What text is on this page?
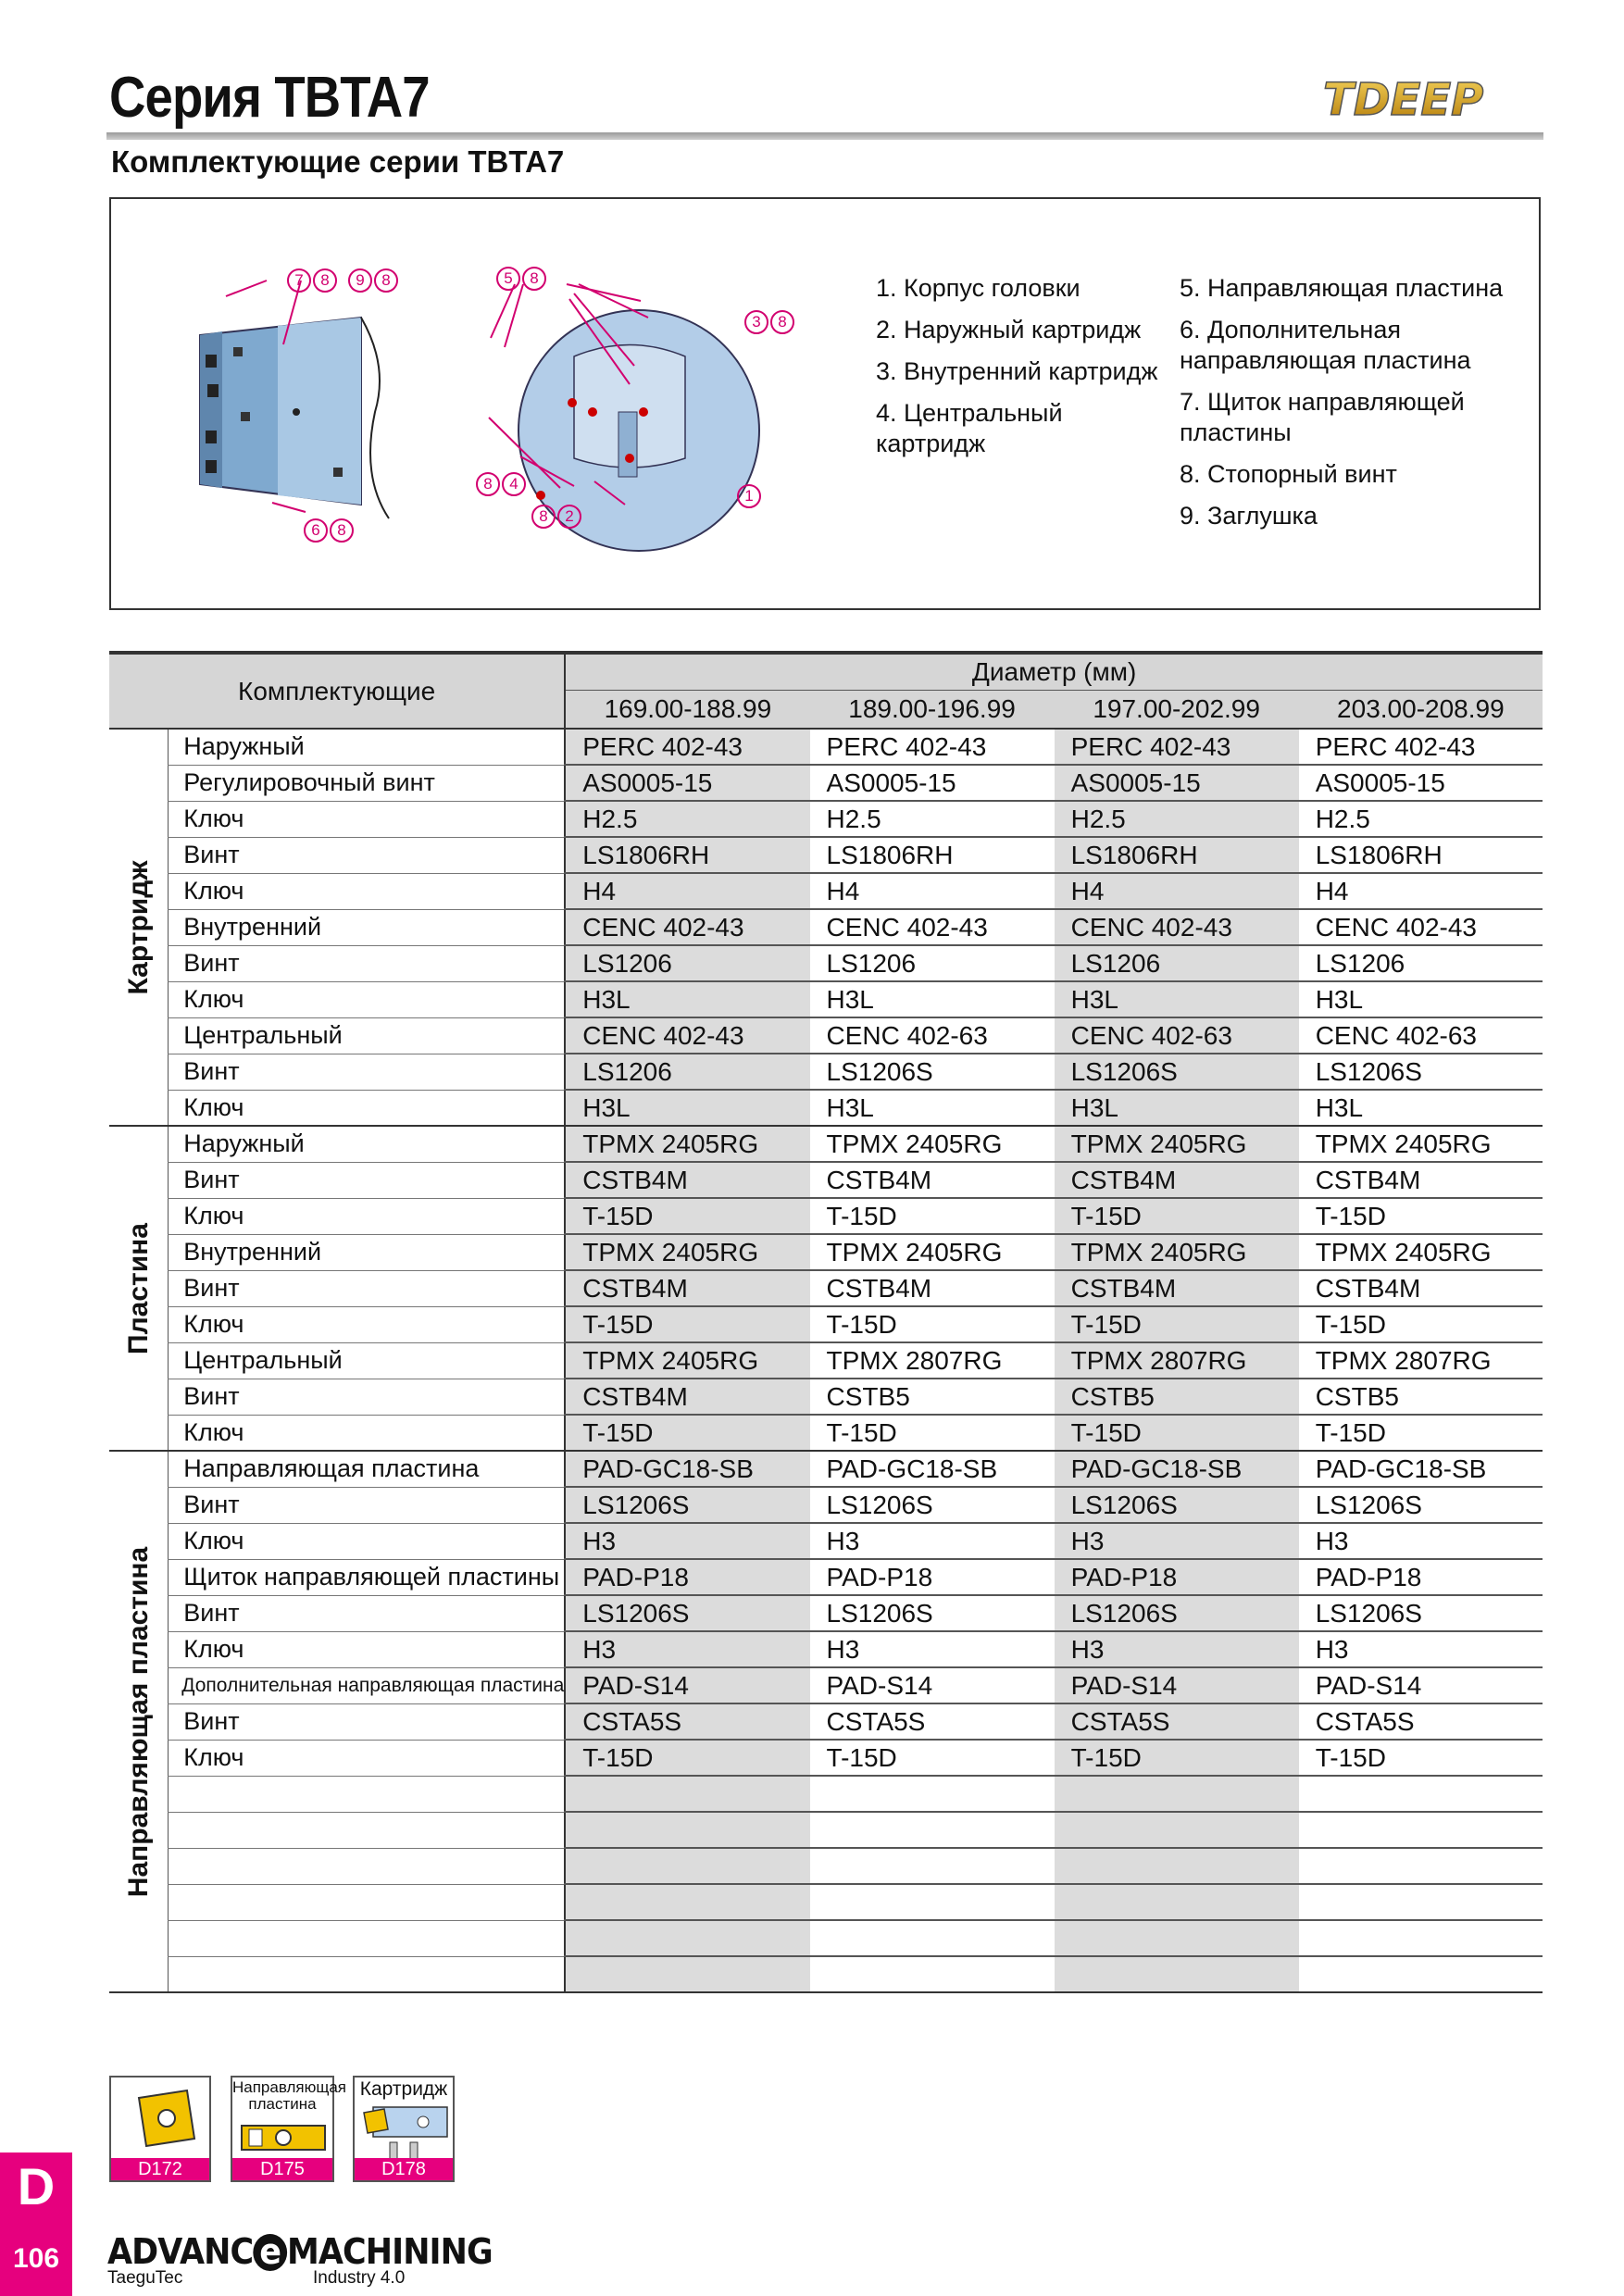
Серия TBTA7	TDEEP
Комплектующие серии TBTA7
7 8	9 8
6 8
5 8
3 8
8 4
8 2
1
1. Корпус головки
2. Наружный картридж
3. Внутренний картридж
4. Центральный
картридж
5. Направляющая пластина
6. Дополнительная
направляющая пластина
7. Щиток направляющей
пластины
8. Стопорный винт
9. Заглушка
Комплектующие		Диаметр (мм)			
		169.00-188.99	189.00-196.99	197.00-202.99	203.00-208.99

Картридж	Наружный	PERC 402-43	PERC 402-43	PERC 402-43	PERC 402-43
	Регулировочный винт	AS0005-15	AS0005-15	AS0005-15	AS0005-15
	Ключ	H2.5	H2.5	H2.5	H2.5
	Винт	LS1806RH	LS1806RH	LS1806RH	LS1806RH
	Ключ	H4	H4	H4	H4
	Внутренний	CENC 402-43	CENC 402-43	CENC 402-43	CENC 402-43
	Винт	LS1206	LS1206	LS1206	LS1206
	Ключ	H3L	H3L	H3L	H3L
	Центральный	CENC 402-43	CENC 402-63	CENC 402-63	CENC 402-63
	Винт	LS1206	LS1206S	LS1206S	LS1206S
	Ключ	H3L	H3L	H3L	H3L

Пластина	Наружный	TPMX 2405RG	TPMX 2405RG	TPMX 2405RG	TPMX 2405RG
	Винт	CSTB4M	CSTB4M	CSTB4M	CSTB4M
	Ключ	T-15D	T-15D	T-15D	T-15D
	Внутренний	TPMX 2405RG	TPMX 2405RG	TPMX 2405RG	TPMX 2405RG
	Винт	CSTB4M	CSTB4M	CSTB4M	CSTB4M
	Ключ	T-15D	T-15D	T-15D	T-15D
	Центральный	TPMX 2405RG	TPMX 2807RG	TPMX 2807RG	TPMX 2807RG
	Винт	CSTB4M	CSTB5	CSTB5	CSTB5
	Ключ	T-15D	T-15D	T-15D	T-15D

Направляющая пластина	Направляющая пластина	PAD-GC18-SB	PAD-GC18-SB	PAD-GC18-SB	PAD-GC18-SB
	Винт	LS1206S	LS1206S	LS1206S	LS1206S
	Ключ	H3	H3	H3	H3
	Щиток направляющей пластины	PAD-P18	PAD-P18	PAD-P18	PAD-P18
	Винт	LS1206S	LS1206S	LS1206S	LS1206S
	Ключ	H3	H3	H3	H3
	Дополнительная направляющая пластина	PAD-S14	PAD-S14	PAD-S14	PAD-S14
	Винт	CSTA5S	CSTA5S	CSTA5S	CSTA5S
	Ключ	T-15D	T-15D	T-15D	T-15D

D172
Направляющая
пластина
D175
Картридж
D178
D
106	ADVANC e MACHINING
TaeguTec	Industry 4.0
